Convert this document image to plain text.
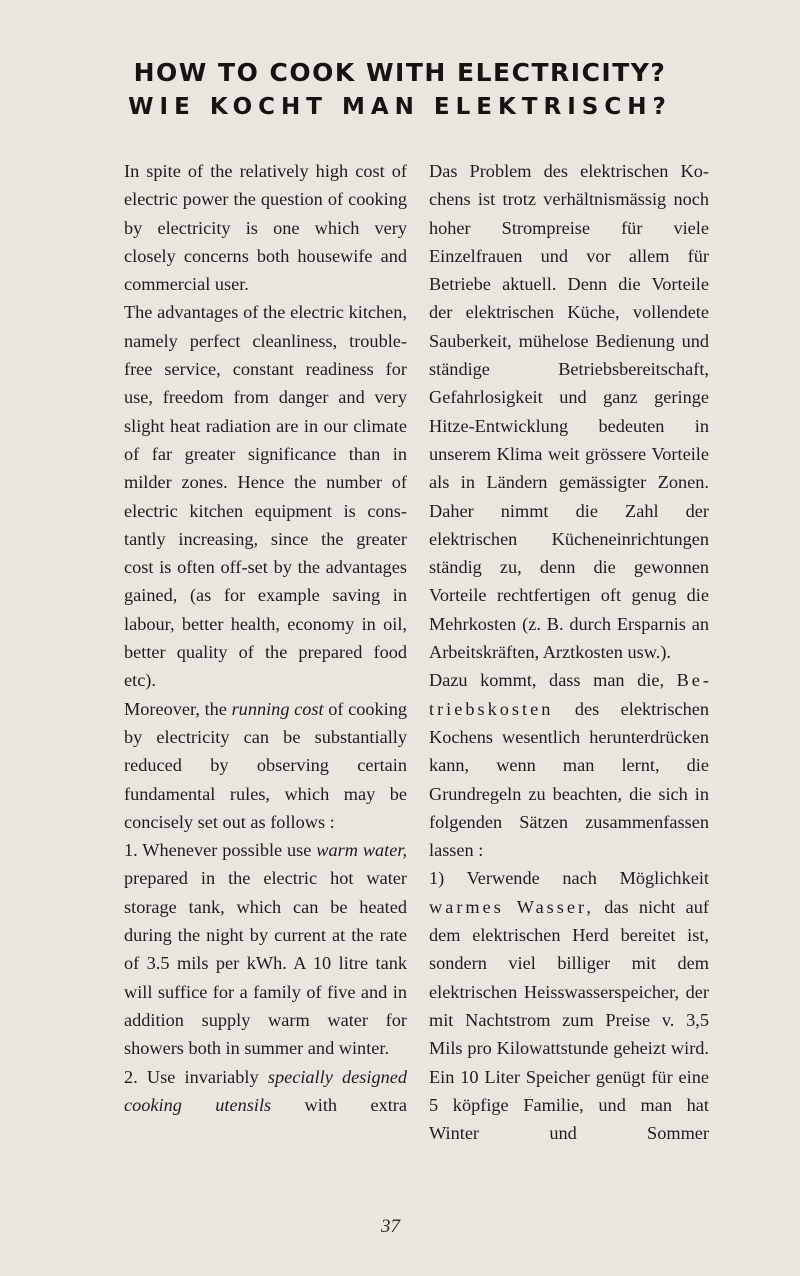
HOW TO COOK WITH ELECTRICITY?
WIE KOCHT MAN ELEKTRISCH?

In spite of the relatively high cost of electric power the question of cooking by electricity is one which very closely concerns both housewife and commercial user.

The advantages of the electric kitchen, namely perfect cleanliness, trouble-free service, constant readiness for use, freedom from danger and very slight heat radiation are in our climate of far greater significance than in milder zones. Hence the number of electric kitchen equipment is constantly increasing, since the greater cost is often off-set by the advantages gained, (as for example saving in labour, better health, economy in oil, better quality of the prepared food etc).

Moreover, the running cost of cooking by electricity can be substantially reduced by observing certain fundamental rules, which may be concisely set out as follows :

1. Whenever possible use warm water, prepared in the electric hot water storage tank, which can be heated during the night by current at the rate of 3.5 mils per kWh. A 10 litre tank will suffice for a family of five and in addition supply warm water for showers both in summer and winter.

2. Use invariably specially designed cooking utensils with extra

Das Problem des elektrischen Kochens ist trotz verhältnismässig noch hoher Strompreise für viele Einzelfrauen und vor allem für Betriebe aktuell. Denn die Vorteile der elektrischen Küche, vollendete Sauberkeit, mühelose Bedienung und ständige Betriebsbereitschaft, Gefahrlosigkeit und ganz geringe Hitze-Entwicklung bedeuten in unserem Klima weit grössere Vorteile als in Ländern gemässigter Zonen. Daher nimmt die Zahl der elektrischen Kücheneinrichtungen ständig zu, denn die gewonnen Vorteile rechtfertigen oft genug die Mehrkosten (z. B. durch Ersparnis an Arbeitskräften, Arztkosten usw.).

Dazu kommt, dass man die, Betriebskosten des elektrischen Kochens wesentlich herunterdrücken kann, wenn man lernt, die Grundregeln zu beachten, die sich in folgenden Sätzen zusammenfassen lassen :

1) Verwende nach Möglichkeit warmes Wasser, das nicht auf dem elektrischen Herd bereitet ist, sondern viel billiger mit dem elektrischen Heisswasserspeicher, der mit Nachtstrom zum Preise v. 3,5 Mils pro Kilowattstunde geheizt wird. Ein 10 Liter Speicher genügt für eine 5 köpfige Familie, und man hat Winter und Sommer

37
